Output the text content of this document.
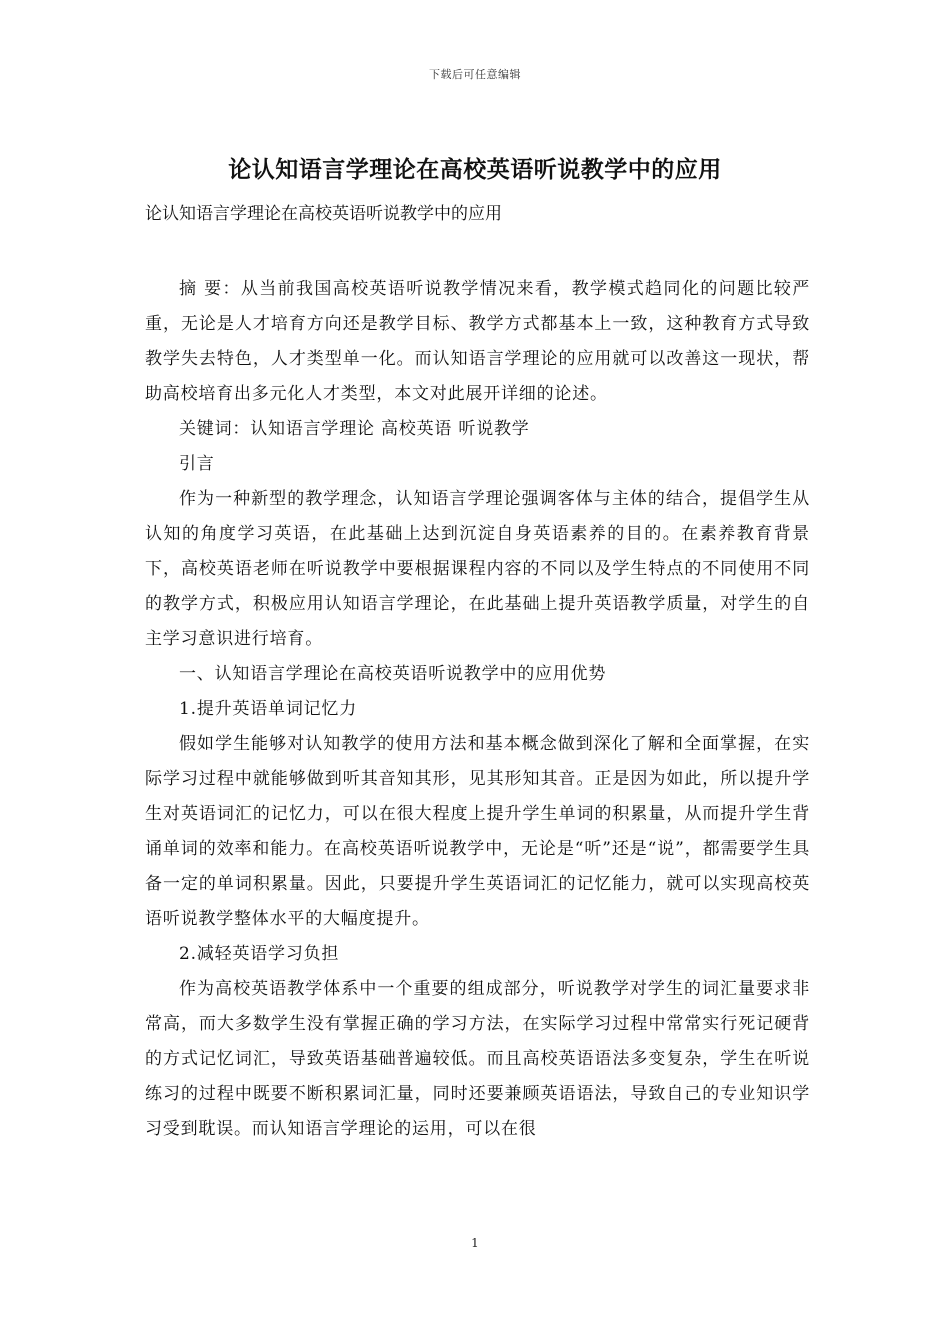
下载后可任意编辑
论认知语言学理论在高校英语听说教学中的应用
论认知语言学理论在高校英语听说教学中的应用

摘 要：从当前我国高校英语听说教学情况来看，教学模式趋同化的问题比较严重，无论是人才培育方向还是教学目标、教学方式都基本上一致，这种教育方式导致教学失去特色，人才类型单一化。而认知语言学理论的应用就可以改善这一现状，帮助高校培育出多元化人才类型，本文对此展开详细的论述。

关键词：认知语言学理论 高校英语 听说教学

引言

作为一种新型的教学理念，认知语言学理论强调客体与主体的结合，提倡学生从认知的角度学习英语，在此基础上达到沉淀自身英语素养的目的。在素养教育背景下，高校英语老师在听说教学中要根据课程内容的不同以及学生特点的不同使用不同的教学方式，积极应用认知语言学理论，在此基础上提升英语教学质量，对学生的自主学习意识进行培育。

一、认知语言学理论在高校英语听说教学中的应用优势

1.提升英语单词记忆力

假如学生能够对认知教学的使用方法和基本概念做到深化了解和全面掌握，在实际学习过程中就能够做到听其音知其形，见其形知其音。正是因为如此，所以提升学生对英语词汇的记忆力，可以在很大程度上提升学生单词的积累量，从而提升学生背诵单词的效率和能力。在高校英语听说教学中，无论是“听”还是“说”，都需要学生具备一定的单词积累量。因此，只要提升学生英语词汇的记忆能力，就可以实现高校英语听说教学整体水平的大幅度提升。

2.减轻英语学习负担

作为高校英语教学体系中一个重要的组成部分，听说教学对学生的词汇量要求非常高，而大多数学生没有掌握正确的学习方法，在实际学习过程中常常实行死记硬背的方式记忆词汇，导致英语基础普遍较低。而且高校英语语法多变复杂，学生在听说练习的过程中既要不断积累词汇量，同时还要兼顾英语语法，导致自己的专业知识学习受到耽误。而认知语言学理论的运用，可以在很

1
